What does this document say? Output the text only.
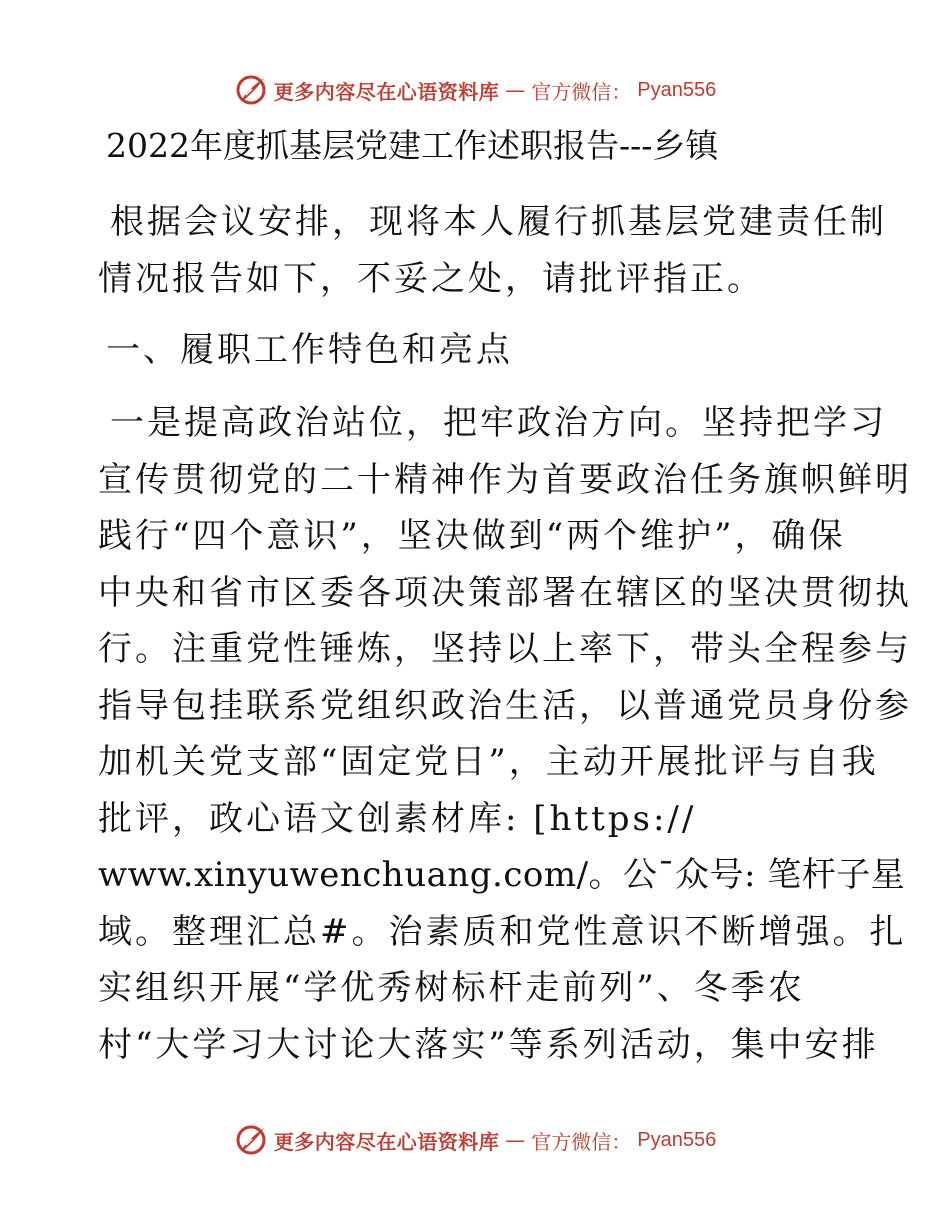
更多内容尽在心语资料库 — 官方微信： Pyan556
2022年度抓基层党建工作述职报告---乡镇
根据会议安排，现将本人履行抓基层党建责任制
情况报告如下，不妥之处，请批评指正。
一、履职工作特色和亮点
一是提高政治站位，把牢政治方向。坚持把学习
宣传贯彻党的二十精神作为首要政治任务旗帜鲜明
践行“四个意识”，坚决做到“两个维护”，确保
中央和省市区委各项决策部署在辖区的坚决贯彻执
行。注重党性锤炼，坚持以上率下，带头全程参与
指导包挂联系党组织政治生活，以普通党员身份参
加机关党支部“固定党日”，主动开展批评与自我
批评，政心语文创素材库: [https://
www.xinyuwenchuang.com/。公¯众号: 笔杆子星
域。整理汇总#。治素质和党性意识不断增强。扎
实组织开展“学优秀树标杆走前列”、冬季农
村“大学习大讨论大落实”等系列活动，集中安排
更多内容尽在心语资料库 — 官方微信： Pyan556
